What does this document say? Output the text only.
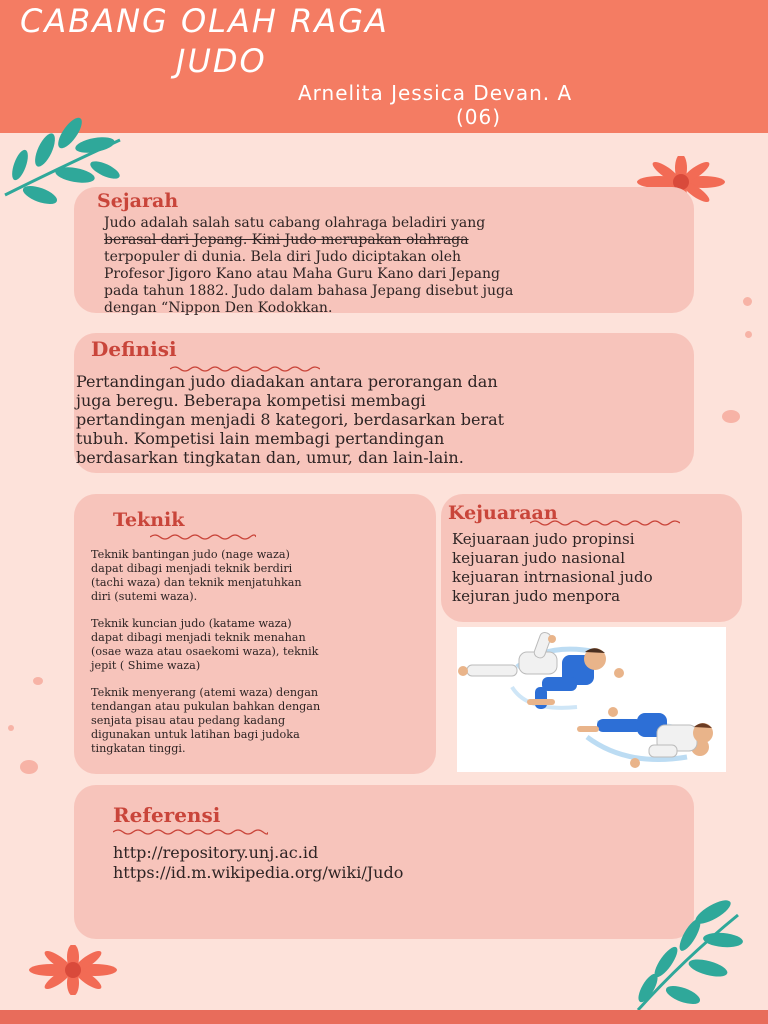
CABANG OLAH RAGA
JUDO
Arnelita Jessica Devan. A
(06)
Sejarah

Judo adalah salah satu cabang olahraga beladiri yang

berasal dari Jepang. Kini Judo merupakan olahraga

terpopuler di dunia. Bela diri Judo diciptakan oleh

Profesor Jigoro Kano atau Maha Guru Kano dari Jepang

pada tahun 1882. Judo dalam bahasa Jepang disebut juga

dengan “Nippon Den Kodokkan.

Definisi

Pertandingan judo diadakan antara perorangan dan

juga beregu. Beberapa kompetisi membagi

pertandingan menjadi 8 kategori, berdasarkan berat

tubuh. Kompetisi lain membagi pertandingan

berdasarkan tingkatan dan, umur, dan lain-lain.

Teknik

Teknik bantingan judo (nage waza)

dapat dibagi menjadi teknik berdiri

(tachi waza) dan teknik menjatuhkan

diri (sutemi waza).

Teknik kuncian judo (katame waza)

dapat dibagi menjadi teknik menahan

(osae waza atau osaekomi waza), teknik

jepit ( Shime waza)

Teknik menyerang (atemi waza) dengan

tendangan atau pukulan bahkan dengan

senjata pisau atau pedang kadang

digunakan untuk latihan bagi judoka

tingkatan tinggi.

Kejuaraan

Kejuaraan judo propinsi

kejuaran judo nasional

kejuaran intrnasional judo

kejuran judo menpora

Referensi

http://repository.unj.ac.id

https://id.m.wikipedia.org/wiki/Judo
